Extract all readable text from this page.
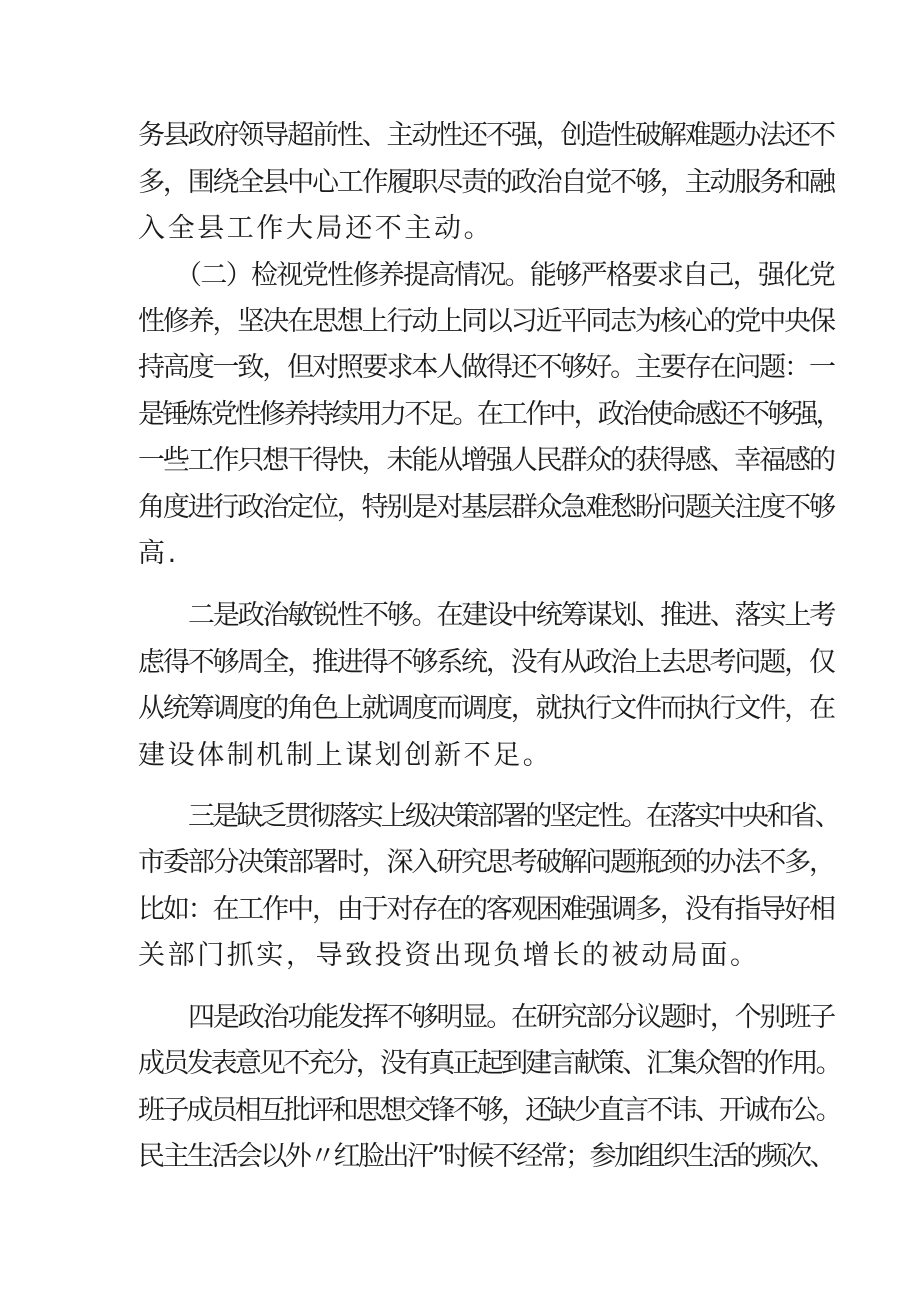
务县政府领导超前性、主动性还不强，创造性破解难题办法还不
多，围绕全县中心工作履职尽责的政治自觉不够，主动服务和融
入全县工作大局还不主动。
（二）检视党性修养提高情况。能够严格要求自己，强化党
性修养，坚决在思想上行动上同以习近平同志为核心的党中央保
持高度一致，但对照要求本人做得还不够好。主要存在问题：一
是锤炼党性修养持续用力不足。在工作中，政治使命感还不够强，
一些工作只想干得快，未能从增强人民群众的获得感、幸福感的
角度进行政治定位，特别是对基层群众急难愁盼问题关注度不够
高.
二是政治敏锐性不够。在建设中统筹谋划、推进、落实上考
虑得不够周全，推进得不够系统，没有从政治上去思考问题，仅
从统筹调度的角色上就调度而调度，就执行文件而执行文件，在
建设体制机制上谋划创新不足。
三是缺乏贯彻落实上级决策部署的坚定性。在落实中央和省、
市委部分决策部署时，深入研究思考破解问题瓶颈的办法不多，
比如：在工作中，由于对存在的客观困难强调多，没有指导好相
关部门抓实，导致投资出现负增长的被动局面。
四是政治功能发挥不够明显。在研究部分议题时，个别班子
成员发表意见不充分，没有真正起到建言献策、汇集众智的作用。
班子成员相互批评和思想交锋不够，还缺少直言不讳、开诚布公。
民主生活会以外〃红脸出汗”时候不经常；参加组织生活的频次、
